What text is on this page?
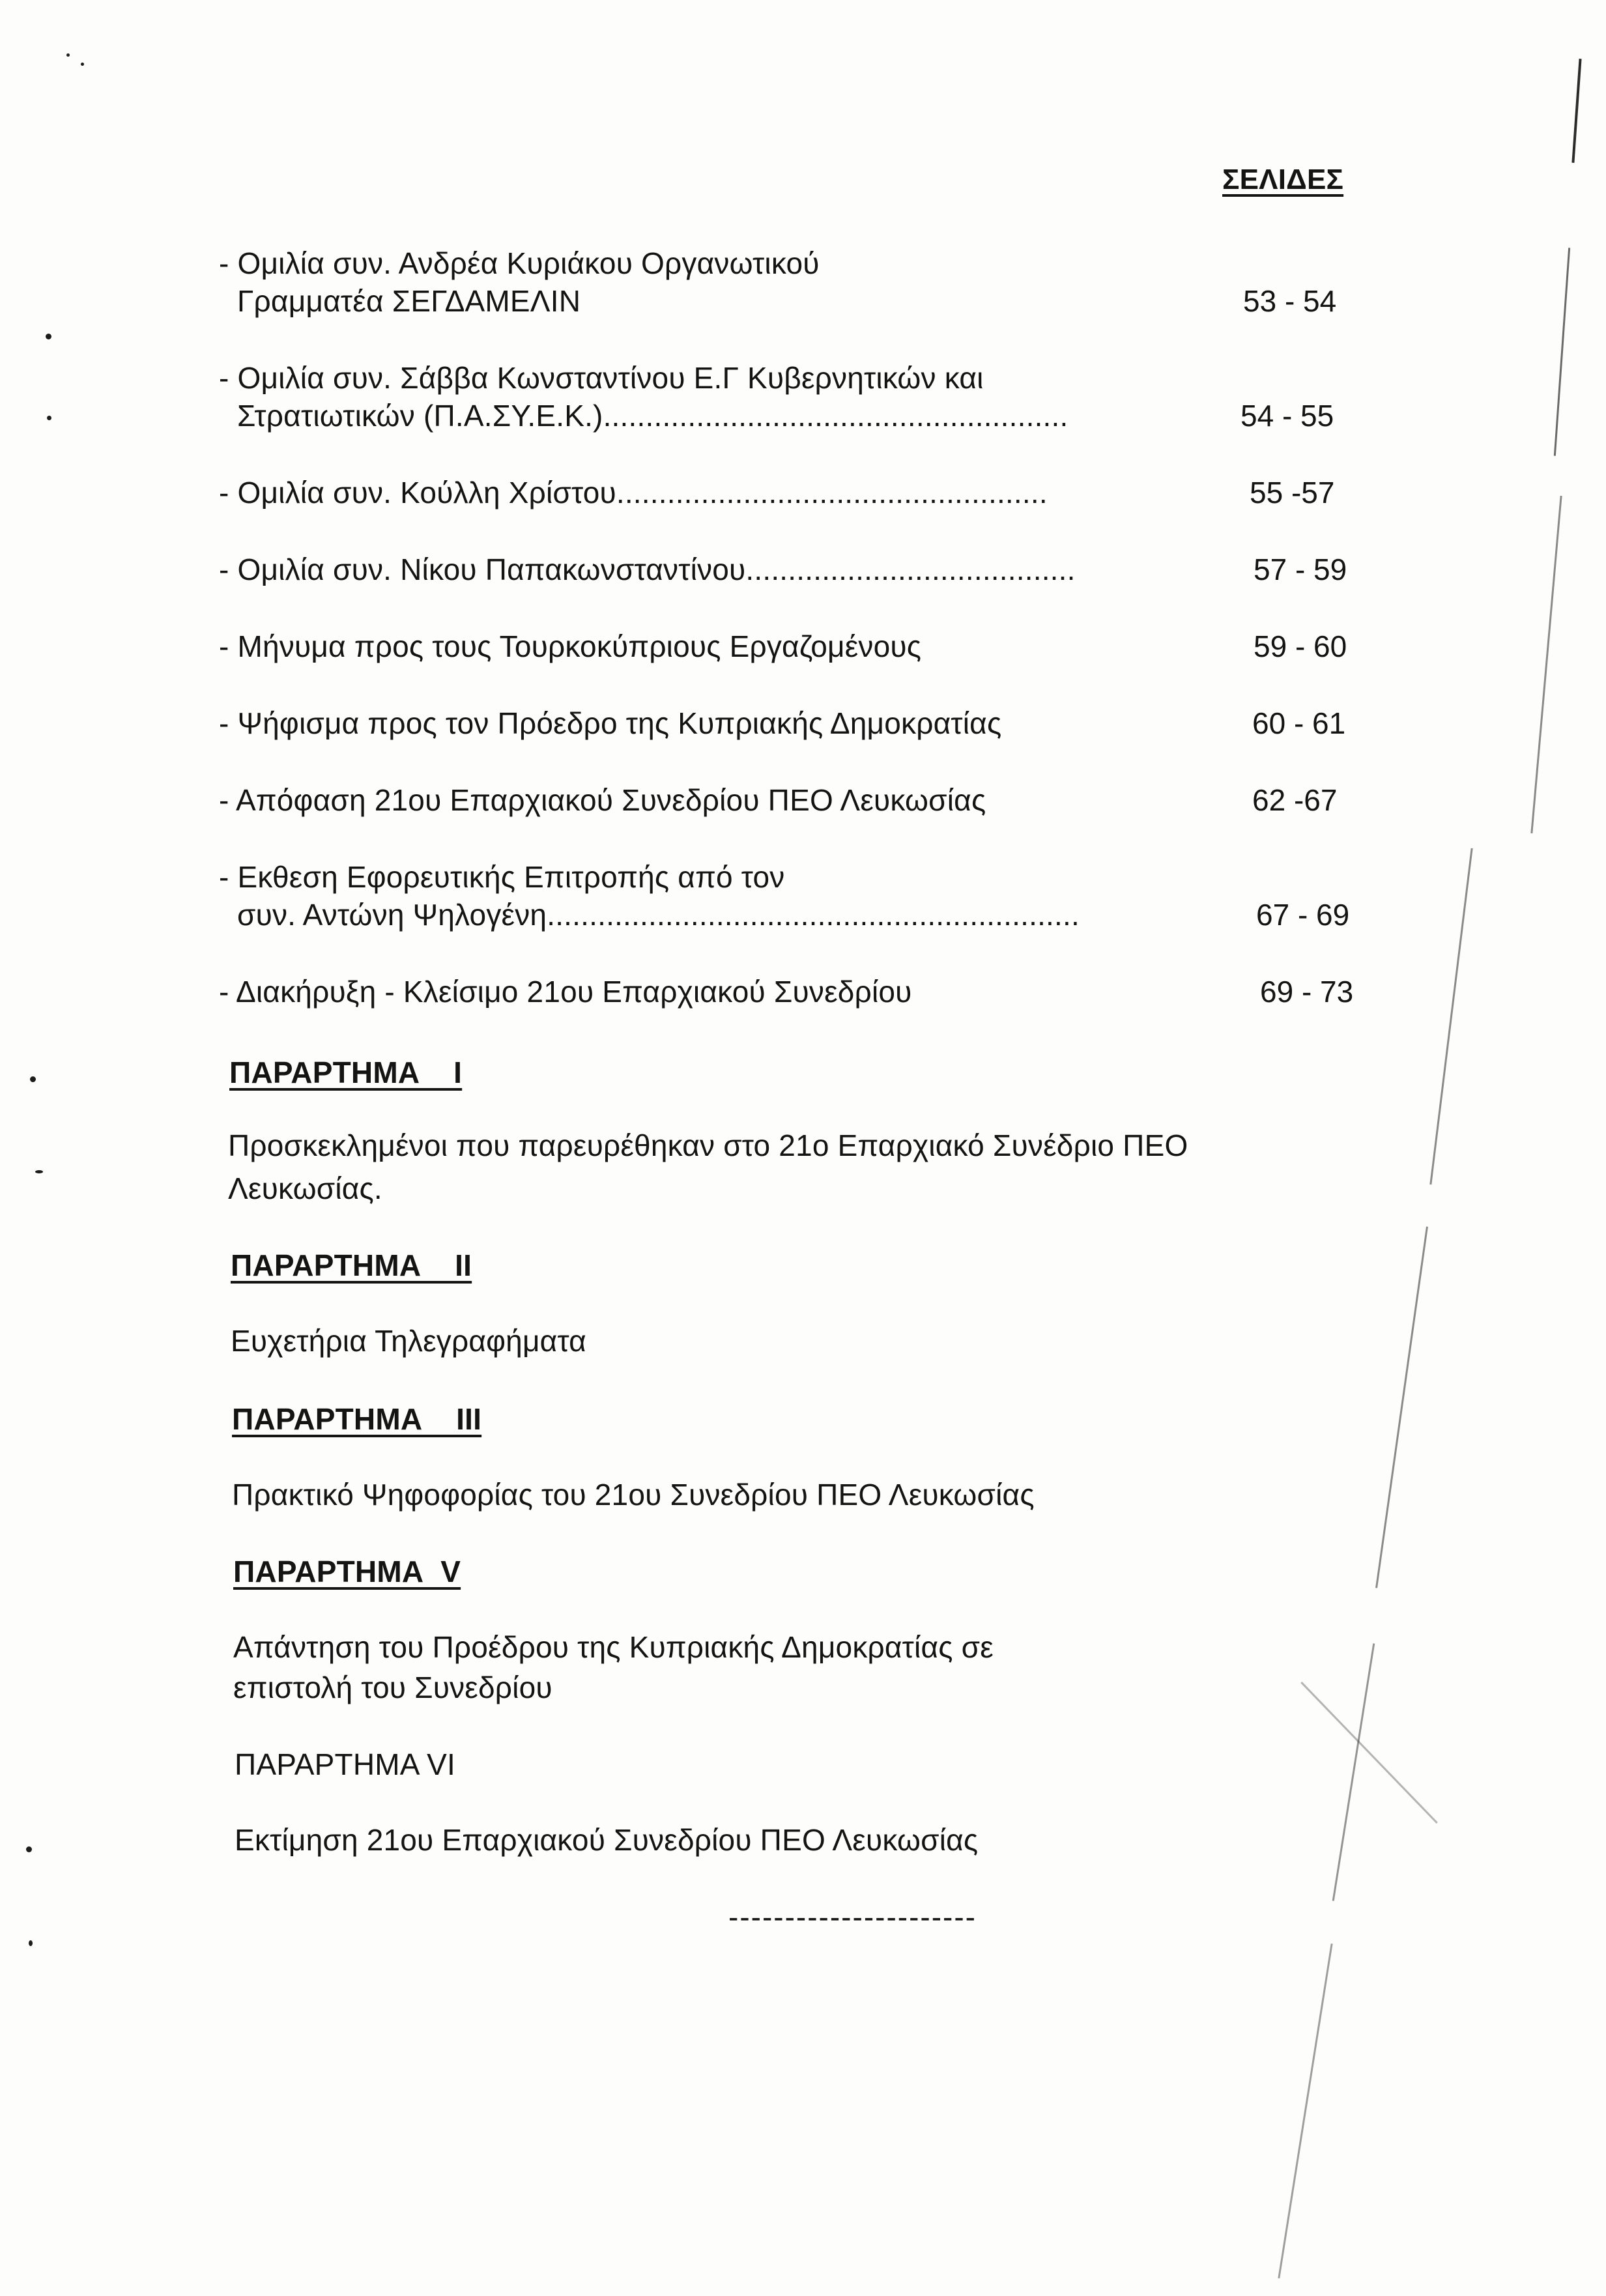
ΣΕΛΙΔΕΣ
- Ομιλία συν. Ανδρέα Κυριάκου Οργανωτικού
Γραμματέα ΣΕΓΔΑΜΕΛΙΝ	53 - 54
- Ομιλία συν. Σάββα Κωνσταντίνου Ε.Γ Κυβερνητικών και
Στρατιωτικών (Π.Α.ΣΥ.Ε.Κ.).......................................................	54 - 55
- Ομιλία συν. Κούλλη Χρίστου...................................................	55 -57
- Ομιλία συν. Νίκου Παπακωνσταντίνου.......................................	57 - 59
- Μήνυμα προς τους Τουρκοκύπριους Εργαζομένους	59 - 60
- Ψήφισμα προς τον Πρόεδρο της Κυπριακής Δημοκρατίας	60 - 61
- Απόφαση 21ου Επαρχιακού Συνεδρίου ΠΕΟ Λευκωσίας	62 -67
- Εκθεση Εφορευτικής Επιτροπής από τον
συν. Αντώνη Ψηλογένη...............................................................	67 - 69
- Διακήρυξη - Κλείσιμο 21ου Επαρχιακού Συνεδρίου	69 - 73
ΠΑΡΑΡΤΗΜΑ    I
Προσκεκλημένοι που παρευρέθηκαν στο 21ο Επαρχιακό Συνέδριο ΠΕΟ
Λευκωσίας.
ΠΑΡΑΡΤΗΜΑ    II
Ευχετήρια Τηλεγραφήματα
ΠΑΡΑΡΤΗΜΑ    III
Πρακτικό Ψηφοφορίας του 21ου Συνεδρίου ΠΕΟ Λευκωσίας
ΠΑΡΑΡΤΗΜΑ  V
Απάντηση του Προέδρου της Κυπριακής Δημοκρατίας σε
επιστολή του Συνεδρίου
ΠΑΡΑΡΤΗΜΑ VI
Εκτίμηση 21ου Επαρχιακού Συνεδρίου ΠΕΟ Λευκωσίας
----------------------
